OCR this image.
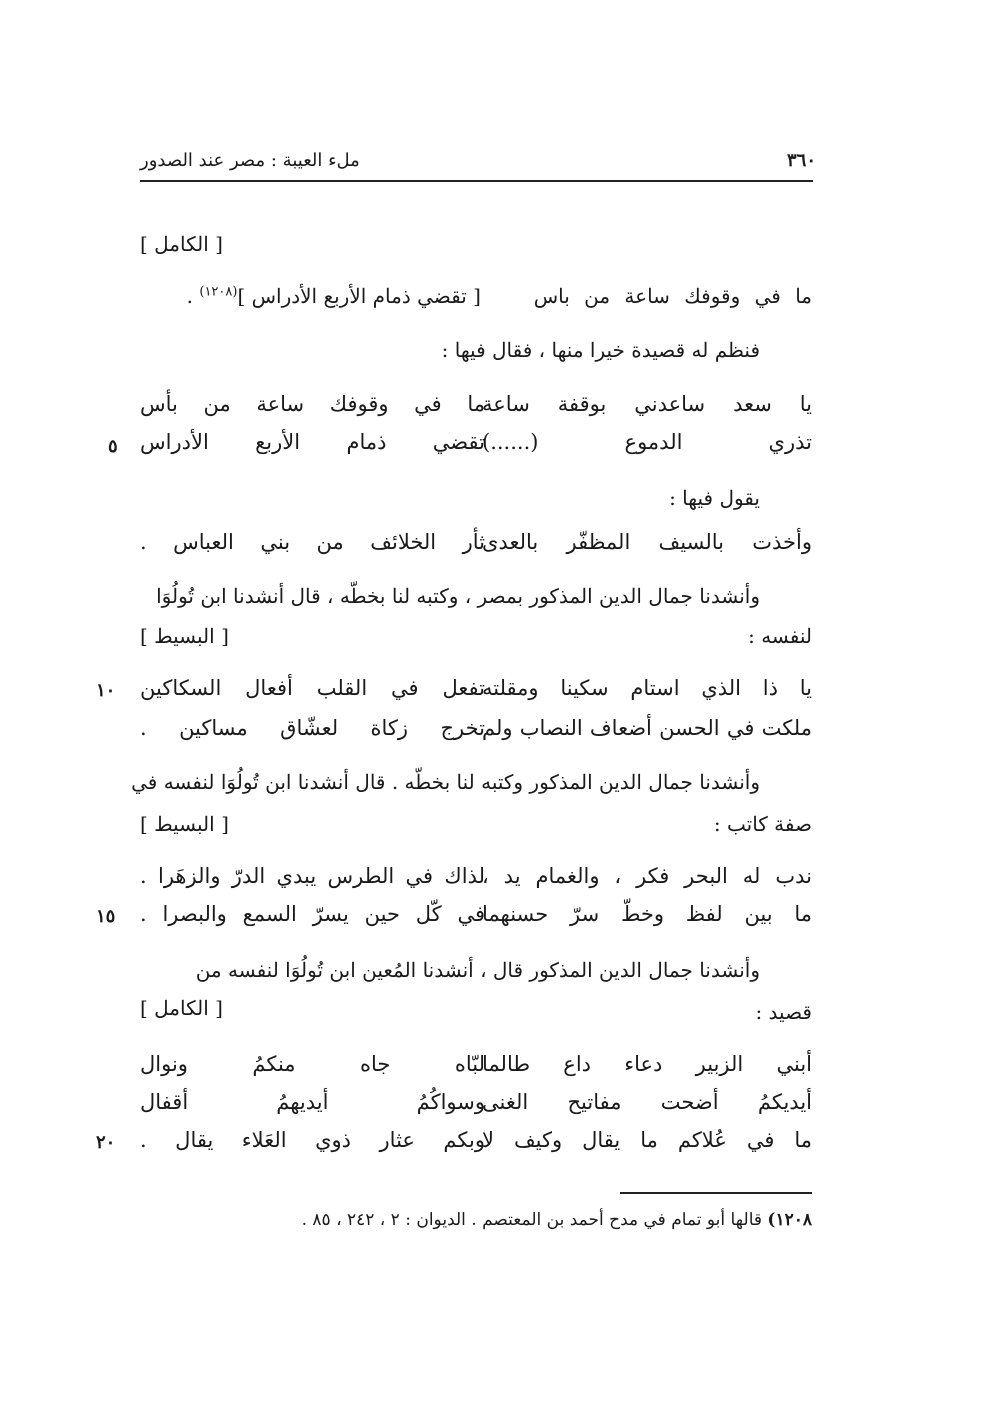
٣٦٠
ملء العيبة : مصر عند الصدور
[ الكامل ]
ما في وقوفك ساعة من باس  [ تقضي ذمام الأربع الأدراس ]$^{(١٢٠٨)}$ .
فنظم له قصيدة خيرا منها ، فقال فيها :
يا سعد ساعدني بوقفة ساعة
ما في وقوفك ساعة من بأس
تذري الدموع (......)
تقضي ذمام الأربع الأدراس
٥
يقول فيها :
وأخذت بالسيف المظفّر بالعدى
ثأر الخلائف من بني العباس .
وأنشدنا جمال الدين المذكور بمصر ، وكتبه لنا بخطّه ، قال أنشدنا ابن تُولُوَا
لنفسه :
[ البسيط ]
يا ذا الذي استام سكينا ومقلته
تفعل في القلب أفعال السكاكين
١٠
ملكت في الحسن أضعاف النصاب ولم
تخرج زكاة لعشّاق مساكين .
وأنشدنا جمال الدين المذكور وكتبه لنا بخطّه . قال أنشدنا ابن تُولُوَا لنفسه في
صفة كاتب :
[ البسيط ]
ندب له البحر فكر ، والغمام يد ،
لذاك في الطرس يبدي الدرّ والزهَرا .
ما بين لفظ وخطّ سرّ حسنهما
في كّل حين يسرّ السمع والبصرا .
١٥
وأنشدنا جمال الدين المذكور قال ، أنشدنا المُعين ابن تُولُوَا لنفسه من
قصيد :
[ الكامل ]
أبني الزبير دعاء داع طالما
لبّاه جاه منكمُ ونوال
أيديكمُ أضحت مفاتيح الغنى
وسواكُمُ أيديهمُ أقفال
ما في عُلاكم ما يقال وكيف لا
وبكم عثار ذوي العَلاء يقال .
٢٠
١٢٠٨) قالها أبو تمام في مدح أحمد بن المعتصم . الديوان : ٢ ، ٢٤٢ ، ٨٥ .
